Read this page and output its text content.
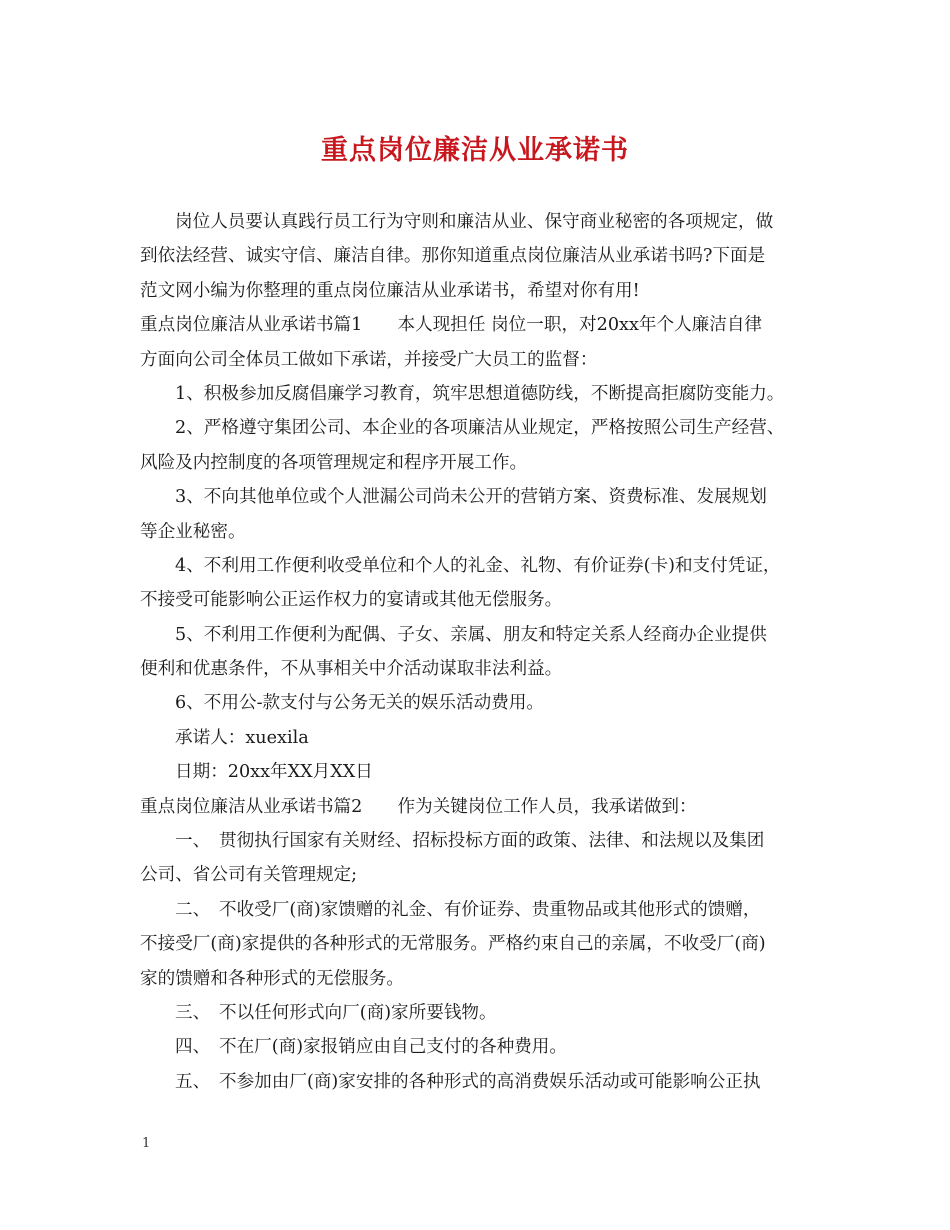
重点岗位廉洁从业承诺书
岗位人员要认真践行员工行为守则和廉洁从业、保守商业秘密的各项规定，做
到依法经营、诚实守信、廉洁自律。那你知道重点岗位廉洁从业承诺书吗?下面是
范文网小编为你整理的重点岗位廉洁从业承诺书，希望对你有用!
重点岗位廉洁从业承诺书篇1　　本人现担任 岗位一职，对20xx年个人廉洁自律
方面向公司全体员工做如下承诺，并接受广大员工的监督：
1、积极参加反腐倡廉学习教育，筑牢思想道德防线，不断提高拒腐防变能力。
2、严格遵守集团公司、本企业的各项廉洁从业规定，严格按照公司生产经营、
风险及内控制度的各项管理规定和程序开展工作。
3、不向其他单位或个人泄漏公司尚未公开的营销方案、资费标准、发展规划
等企业秘密。
4、不利用工作便利收受单位和个人的礼金、礼物、有价证券(卡)和支付凭证，
不接受可能影响公正运作权力的宴请或其他无偿服务。
5、不利用工作便利为配偶、子女、亲属、朋友和特定关系人经商办企业提供
便利和优惠条件，不从事相关中介活动谋取非法利益。
6、不用公-款支付与公务无关的娱乐活动费用。
承诺人：xuexila
日期：20xx年XX月XX日
重点岗位廉洁从业承诺书篇2　　作为关键岗位工作人员，我承诺做到：
一、　贯彻执行国家有关财经、招标投标方面的政策、法律、和法规以及集团
公司、省公司有关管理规定;
二、　不收受厂(商)家馈赠的礼金、有价证券、贵重物品或其他形式的馈赠，
不接受厂(商)家提供的各种形式的无常服务。严格约束自己的亲属，不收受厂(商)
家的馈赠和各种形式的无偿服务。
三、　不以任何形式向厂(商)家所要钱物。
四、　不在厂(商)家报销应由自己支付的各种费用。
五、　不参加由厂(商)家安排的各种形式的高消费娱乐活动或可能影响公正执
1
